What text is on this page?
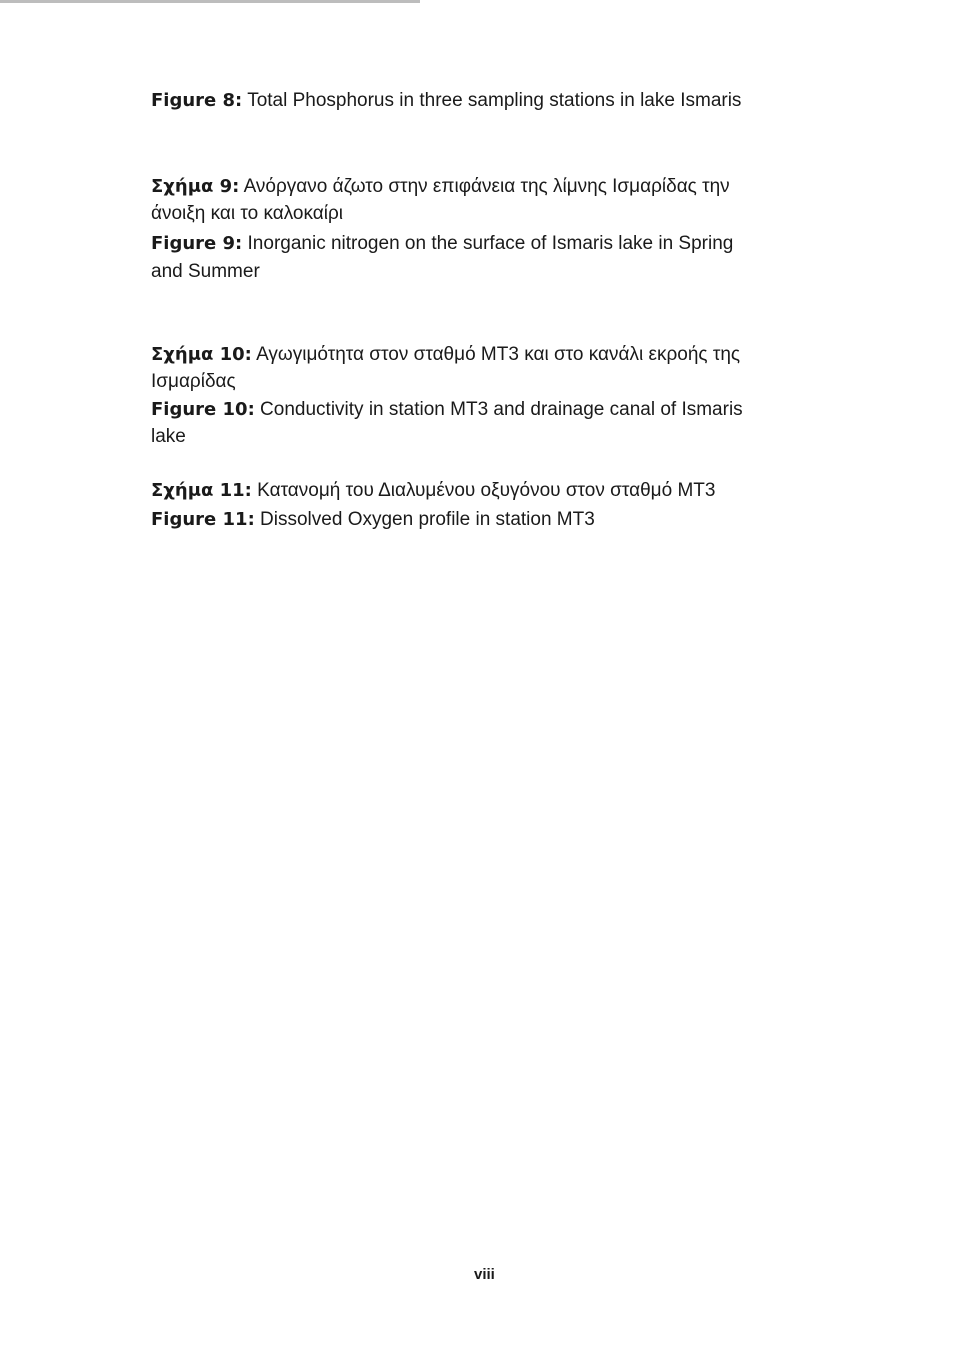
Figure 8: Total Phosphorus in three sampling stations in lake Ismaris
Σχήμα 9: Ανόργανο άζωτο στην επιφάνεια της λίμνης Ισμαρίδας την
άνοιξη και το καλοκαίρι
Figure 9: Inorganic nitrogen on the surface of Ismaris lake in Spring
and Summer
Σχήμα 10: Αγωγιμότητα στον σταθμό ΜΤ3 και στο κανάλι εκροής της
Ισμαρίδας
Figure 10: Conductivity in station MT3 and drainage canal of Ismaris
lake
Σχήμα 11: Κατανομή του Διαλυμένου οξυγόνου στον σταθμό ΜΤ3
Figure 11: Dissolved Oxygen profile in station MT3
viii
